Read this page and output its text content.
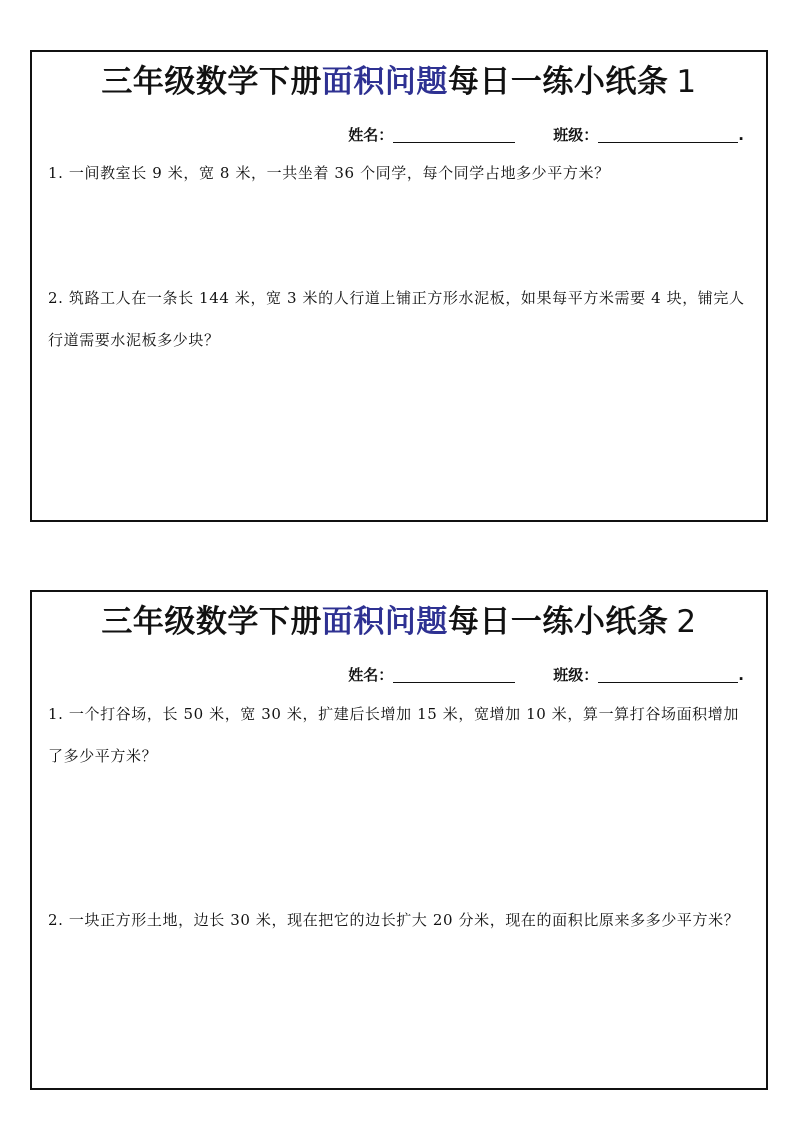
三年级数学下册面积问题每日一练小纸条 1
姓名：	班级：	.
1. 一间教室长 9 米，宽 8 米，一共坐着 36 个同学，每个同学占地多少平方米？
2. 筑路工人在一条长 144 米，宽 3 米的人行道上铺正方形水泥板，如果每平方米需要 4 块，铺完人行道需要水泥板多少块？
三年级数学下册面积问题每日一练小纸条 2
姓名：	班级：	.
1. 一个打谷场，长 50 米，宽 30 米，扩建后长增加 15 米，宽增加 10 米，算一算打谷场面积增加了多少平方米？
2. 一块正方形土地，边长 30 米，现在把它的边长扩大 20 分米，现在的面积比原来多多少平方米？
